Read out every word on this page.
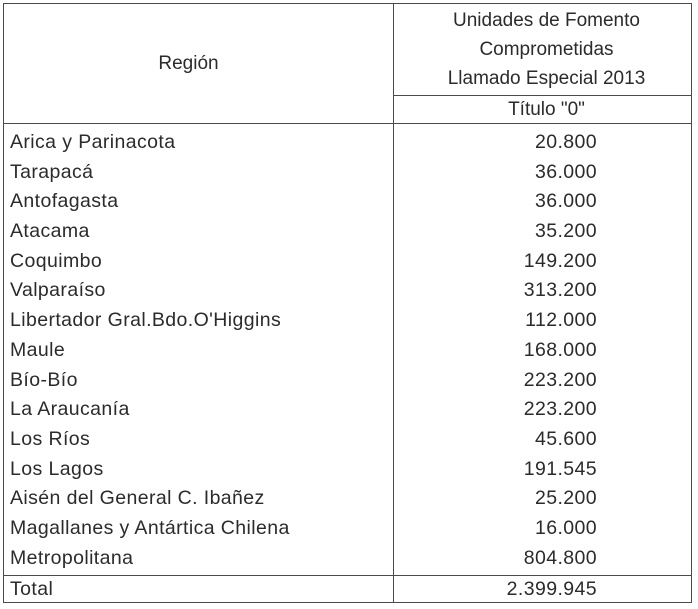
Región
Unidades de Fomento
Comprometidas
Llamado Especial 2013
Título "0"
Arica y Parinacota
Tarapacá
Antofagasta
Atacama
Coquimbo
Valparaíso
Libertador Gral.Bdo.O'Higgins
Maule
Bío-Bío
La Araucanía
Los Ríos
Los Lagos
Aisén del General C. Ibañez
Magallanes y Antártica Chilena
Metropolitana
20.800
36.000
36.000
35.200
149.200
313.200
112.000
168.000
223.200
223.200
45.600
191.545
25.200
16.000
804.800
Total	2.399.945
